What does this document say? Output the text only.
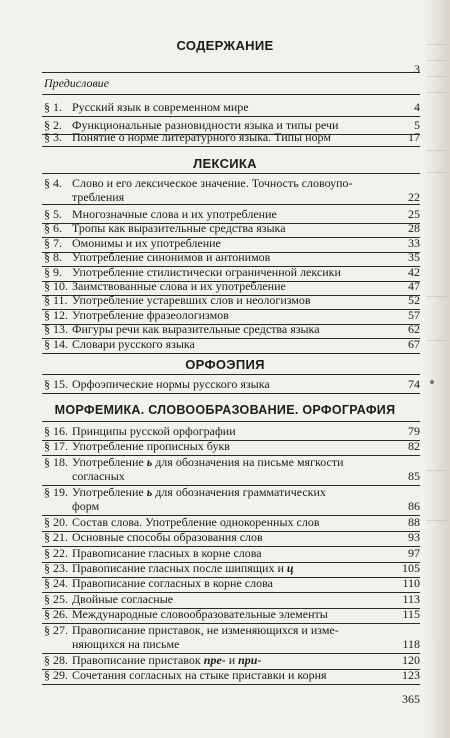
СОДЕРЖАНИЕ
Предисловие
3
§ 1. Русский язык в современном мире	4
§ 2. Функциональные разновидности языка и типы речи	5
§ 3. Понятие о норме литературного языка. Типы норм	17
ЛЕКСИКА
§ 4. Слово и его лексическое значение. Точность словоупо-
требления	22
§ 5. Многозначные слова и их употребление	25
§ 6. Тропы как выразительные средства языка	28
§ 7. Омонимы и их употребление	33
§ 8. Употребление синонимов и антонимов	35
§ 9. Употребление стилистически ограниченной лексики	42
§ 10. Заимствованные слова и их употребление	47
§ 11. Употребление устаревших слов и неологизмов	52
§ 12. Употребление фразеологизмов	57
§ 13. Фигуры речи как выразительные средства языка	62
§ 14. Словари русского языка	67
ОРФОЭПИЯ
§ 15. Орфоэпические нормы русского языка	74
МОРФЕМИКА. СЛОВООБРАЗОВАНИЕ. ОРФОГРАФИЯ
§ 16. Принципы русской орфографии	79
§ 17. Употребление прописных букв	82
§ 18. Употребление ь для обозначения на письме мягкости
согласных	85
§ 19. Употребление ь для обозначения грамматических
форм	86
§ 20. Состав слова. Употребление однокоренных слов	88
§ 21. Основные способы образования слов	93
§ 22. Правописание гласных в корне слова	97
§ 23. Правописание гласных после шипящих и ц	105
§ 24. Правописание согласных в корне слова	110
§ 25. Двойные согласные	113
§ 26. Международные словообразовательные элементы	115
§ 27. Правописание приставок, не изменяющихся и изме-
няющихся на письме	118
§ 28. Правописание приставок пре- и при-	120
§ 29. Сочетания согласных на стыке приставки и корня	123
365
